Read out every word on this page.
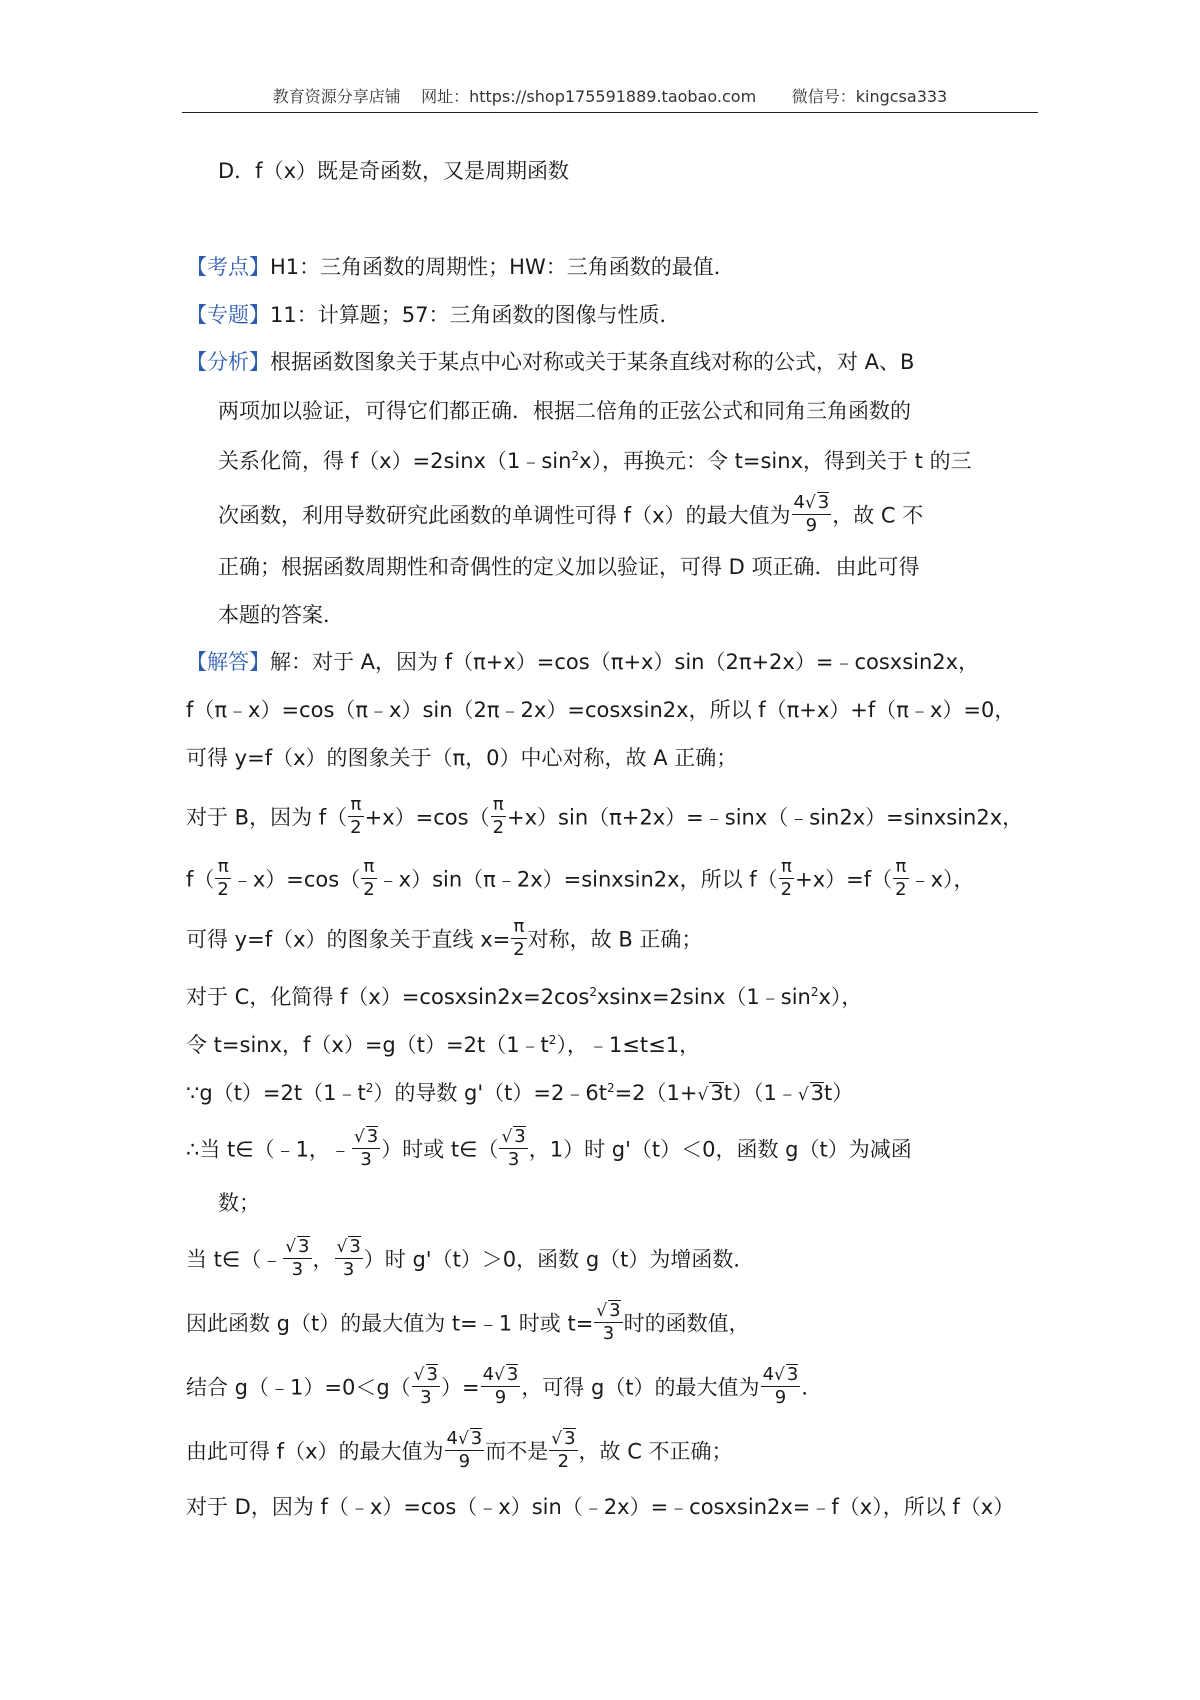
教育资源分享店铺    网址：https://shop175591889.taobao.com       微信号：kingcsa333
D．f（x）既是奇函数，又是周期函数
【考点】H1：三角函数的周期性；HW：三角函数的最值．
【专题】11：计算题；57：三角函数的图像与性质．
【分析】根据函数图象关于某点中心对称或关于某条直线对称的公式，对 A、B
两项加以验证，可得它们都正确．根据二倍角的正弦公式和同角三角函数的
关系化简，得 $f(x)=2\sin x(1﹣\sin^2x)$，再换元：令 t=sinx，得到关于 t 的三
次函数，利用导数研究此函数的单调性可得 f（x）的最大值为 $\frac{4√ 3}{9}$ ，故 C 不
正确；根据函数周期性和奇偶性的定义加以验证，可得 D 项正确．由此可得
本题的答案．
【解答】解：对于 A，因为 f（π+x）=cos（π+x）sin（2π+2x）=﹣cosxsin2x，
f（π﹣x）=cos（π﹣x）sin（2π﹣2x）=cosxsin2x，所以 f（π+x）+f（π﹣x）=0，
可得 y=f（x）的图象关于（π，0）中心对称，故 A 正确；
对于 B，因为 $f( \frac{\pi}{2} +x)=\cos( \frac{\pi}{2}$ +x）sin（π+2x）=﹣sinx（﹣sin2x）=sinxsin2x，
$f( \frac{\pi}{2}$ ﹣x）=cos（ $\frac{\pi}{2}$ ﹣x）sin（π﹣2x）=sinxsin2x，所以 $f( \frac{\pi}{2} +x)=f( \frac{\pi}{2}$ ﹣x），
可得 y=f（x）的图象关于直线 $x= \frac{\pi}{2}$ 对称，故 B 正确；
对于 C，化简得 $f(x)=cosxsin2x=2\cos^2xsinx=2\sin x(1﹣\sin^2x)$，
令 t=sinx，$f(x)=g(t)=2t(1﹣t^2)$，﹣1≤t≤1，
$\because g(t)=2t(1﹣t^2)$的导数 $g'(t)=2﹣6t^2=2(1+√3t)(1﹣√3t)$
∴当 t∈（﹣1，﹣ $\frac{√ 3}{3}$ ）时或 t∈（ $\frac{√ 3}{3}$ ，1）时 g'（t）＜0，函数 g（t）为减函
数；
当 t∈（﹣ $\frac{√ 3}{3}$ ， $\frac{√ 3}{3}$ ）时 g'（t）＞0，函数 g（t）为增函数．
因此函数 g（t）的最大值为 t=﹣1 时或 $t= \frac{√ 3}{3}$ 时的函数值，
结合 g（﹣1）=0＜g（ $\frac{√ 3}{3}$ ）= $\frac{4√ 3}{9}$ ，可得 g（t）的最大值为 $\frac{4√ 3}{9}$ ．
由此可得 f（x）的最大值为 $\frac{4√ 3}{9}$ 而不是 $\frac{√ 3}{2}$ ，故 C 不正确；
对于 D，因为 f（﹣x）=cos（﹣x）sin（﹣2x）=﹣cosxsin2x=﹣f（x），所以 f（x）
